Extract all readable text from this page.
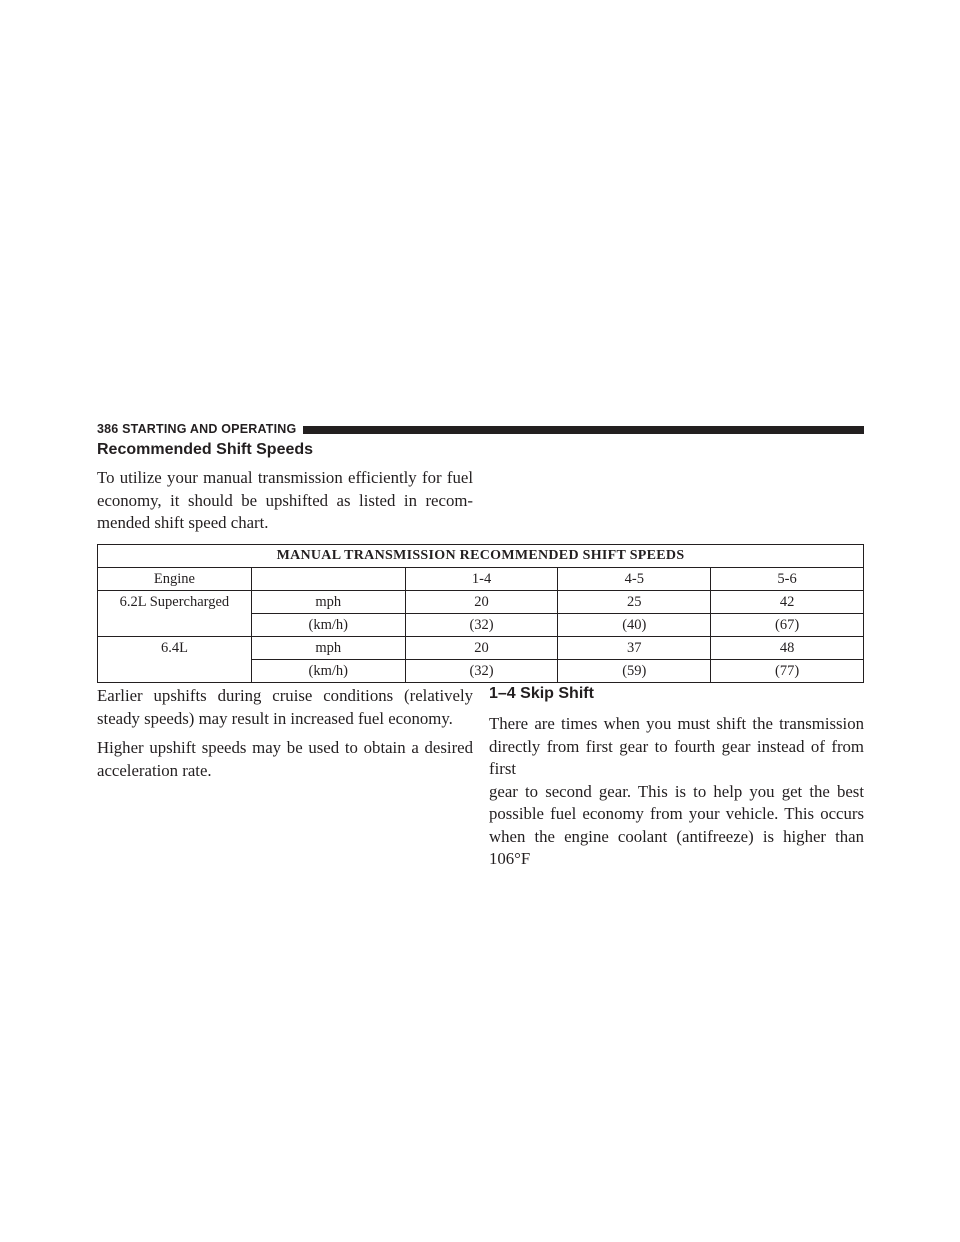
386 STARTING AND OPERATING
Recommended Shift Speeds
To utilize your manual transmission efficiently for fuel
economy, it should be upshifted as listed in recom-
mended shift speed chart.
MANUAL TRANSMISSION RECOMMENDED SHIFT SPEEDS				
Engine		1-4	4-5	5-6
6.2L Supercharged	mph	20	25	42
	(km/h)	(32)	(40)	(67)
6.4L	mph	20	37	48
	(km/h)	(32)	(59)	(77)
Earlier upshifts during cruise conditions (relatively
steady speeds) may result in increased fuel economy.
Higher upshift speeds may be used to obtain a desired
acceleration rate.
1–4 Skip Shift
There are times when you must shift the transmission
directly from first gear to fourth gear instead of from first
gear to second gear. This is to help you get the best
possible fuel economy from your vehicle. This occurs
when the engine coolant (antifreeze) is higher than 106°F
